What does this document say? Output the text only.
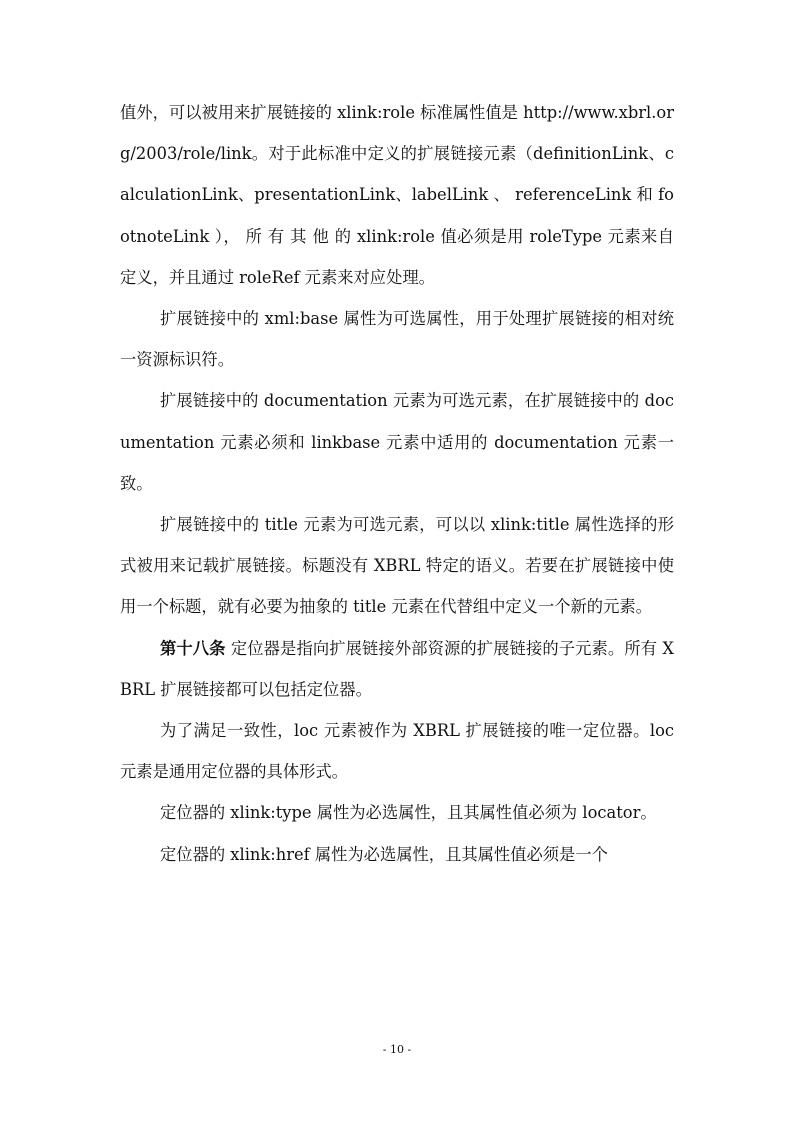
值外，可以被用来扩展链接的 xlink:role 标准属性值是 http://www.xbrl.org/2003/role/link。对于此标准中定义的扩展链接元素（definitionLink、calculationLink、presentationLink、labelLink 、 referenceLink 和 footnoteLink ）， 所 有 其 他 的 xlink:role 值必须是用 roleType 元素来自定义，并且通过 roleRef 元素来对应处理。

扩展链接中的 xml:base 属性为可选属性，用于处理扩展链接的相对统一资源标识符。

扩展链接中的 documentation 元素为可选元素，在扩展链接中的 documentation 元素必须和 linkbase 元素中适用的 documentation 元素一致。

扩展链接中的 title 元素为可选元素，可以以 xlink:title 属性选择的形式被用来记载扩展链接。标题没有 XBRL 特定的语义。若要在扩展链接中使用一个标题，就有必要为抽象的 title 元素在代替组中定义一个新的元素。

第十八条 定位器是指向扩展链接外部资源的扩展链接的子元素。所有 XBRL 扩展链接都可以包括定位器。

为了满足一致性，loc 元素被作为 XBRL 扩展链接的唯一定位器。loc 元素是通用定位器的具体形式。

定位器的 xlink:type 属性为必选属性，且其属性值必须为 locator。

定位器的 xlink:href 属性为必选属性，且其属性值必须是一个

- 10 -
